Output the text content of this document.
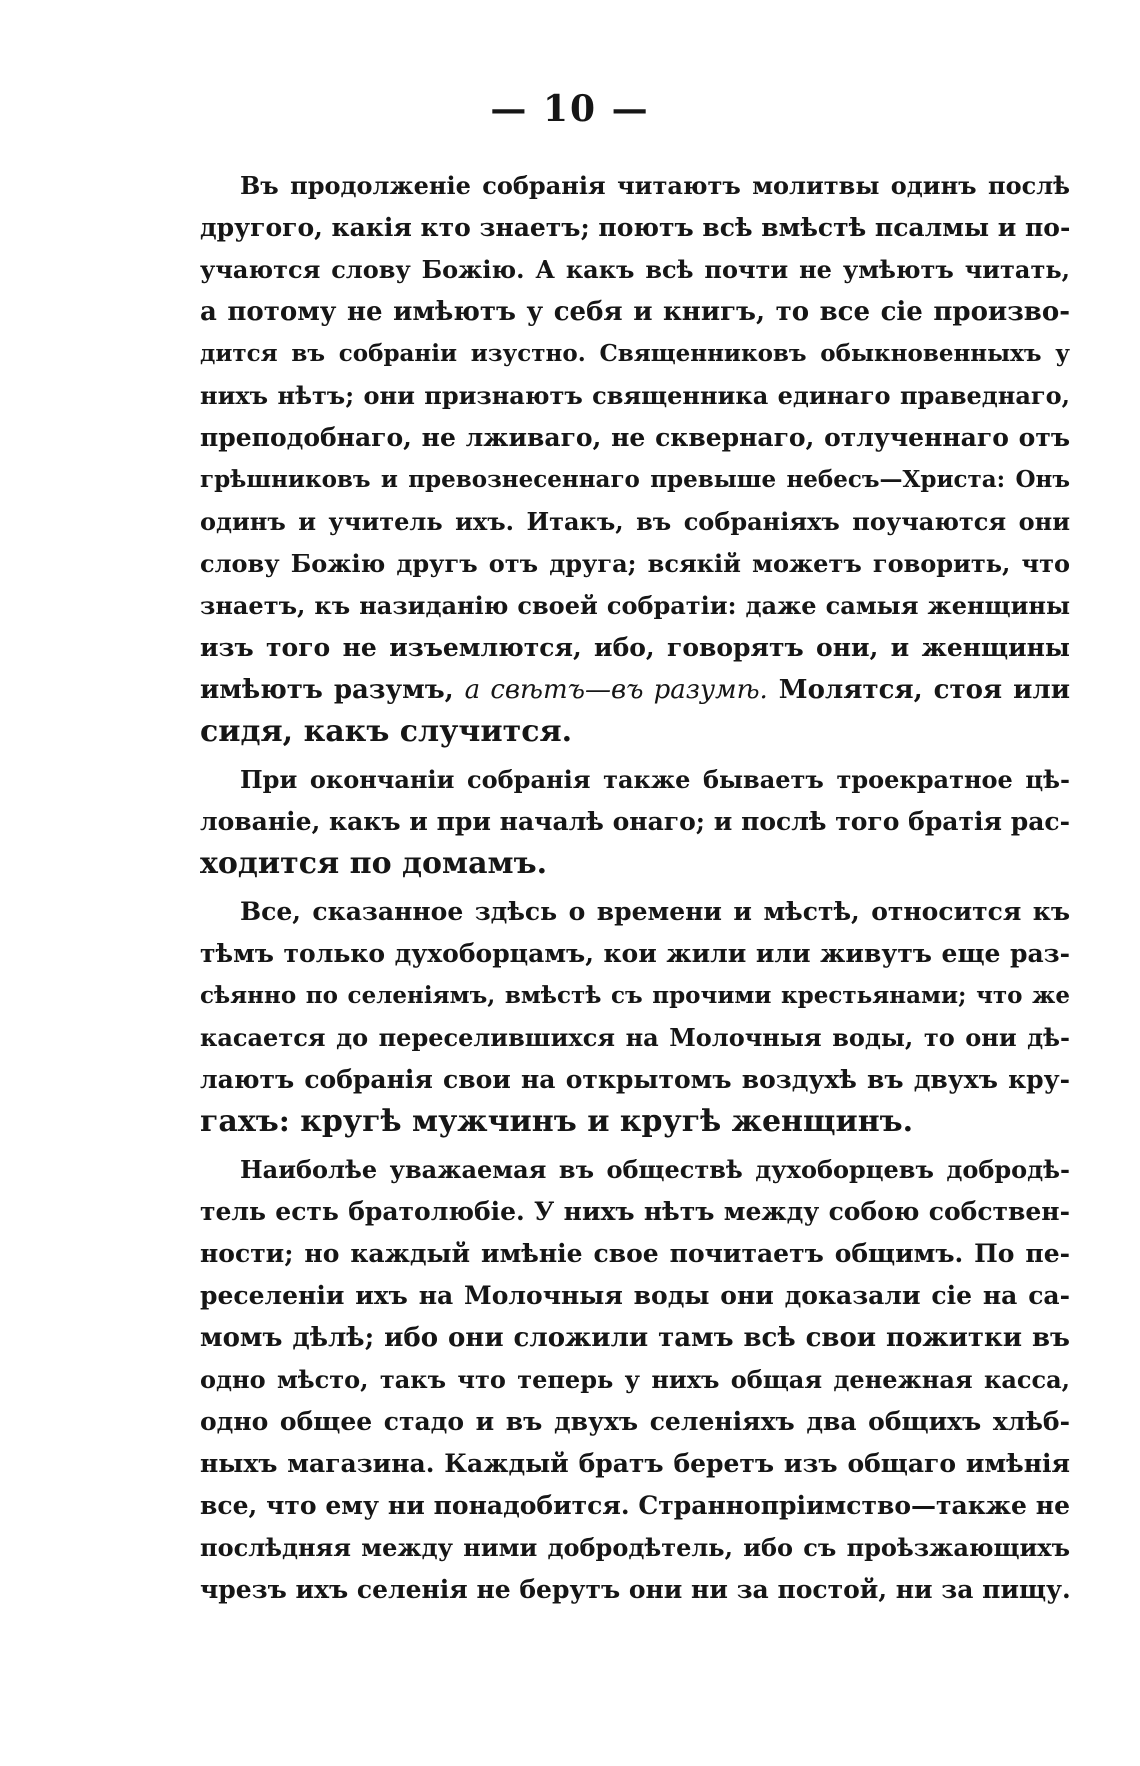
— 10 —
Въ продолженіе собранія читаютъ молитвы одинъ послѣ
другого, какія кто знаетъ; поютъ всѣ вмѣстѣ псалмы и по-
учаются слову Божію. А какъ всѣ почти не умѣютъ читать,
а потому не имѣютъ у себя и книгъ, то все сіе произво-
дится въ собраніи изустно. Священниковъ обыкновенныхъ у
нихъ нѣтъ; они признаютъ священника единаго праведнаго,
преподобнаго, не лживаго, не сквернаго, отлученнаго отъ
грѣшниковъ и превознесеннаго превыше небесъ—Христа: Онъ
одинъ и учитель ихъ. Итакъ, въ собраніяхъ поучаются они
слову Божію другъ отъ друга; всякій можетъ говорить, что
знаетъ, къ назиданію своей собратіи: даже самыя женщины
изъ того не изъемлются, ибо, говорятъ они, и женщины
имѣютъ разумъ, а свѣтъ—въ разумѣ. Молятся, стоя или
сидя, какъ случится.
При окончаніи собранія также бываетъ троекратное цѣ-
лованіе, какъ и при началѣ онаго; и послѣ того братія рас-
ходится по домамъ.
Все, сказанное здѣсь о времени и мѣстѣ, относится къ
тѣмъ только духоборцамъ, кои жили или живутъ еще раз-
сѣянно по селеніямъ, вмѣстѣ съ прочими крестьянами; что же
касается до переселившихся на Молочныя воды, то они дѣ-
лаютъ собранія свои на открытомъ воздухѣ въ двухъ кру-
гахъ: кругѣ мужчинъ и кругѣ женщинъ.
Наиболѣе уважаемая въ обществѣ духоборцевъ добродѣ-
тель есть братолюбіе. У нихъ нѣтъ между собою собствен-
ности; но каждый имѣніе свое почитаетъ общимъ. По пе-
реселеніи ихъ на Молочныя воды они доказали сіе на са-
момъ дѣлѣ; ибо они сложили тамъ всѣ свои пожитки въ
одно мѣсто, такъ что теперь у нихъ общая денежная касса,
одно общее стадо и въ двухъ селеніяхъ два общихъ хлѣб-
ныхъ магазина. Каждый братъ беретъ изъ общаго имѣнія
все, что ему ни понадобится. Страннопріимство—также не
послѣдняя между ними добродѣтель, ибо съ проѣзжающихъ
чрезъ ихъ селенія не берутъ они ни за постой, ни за пищу.
